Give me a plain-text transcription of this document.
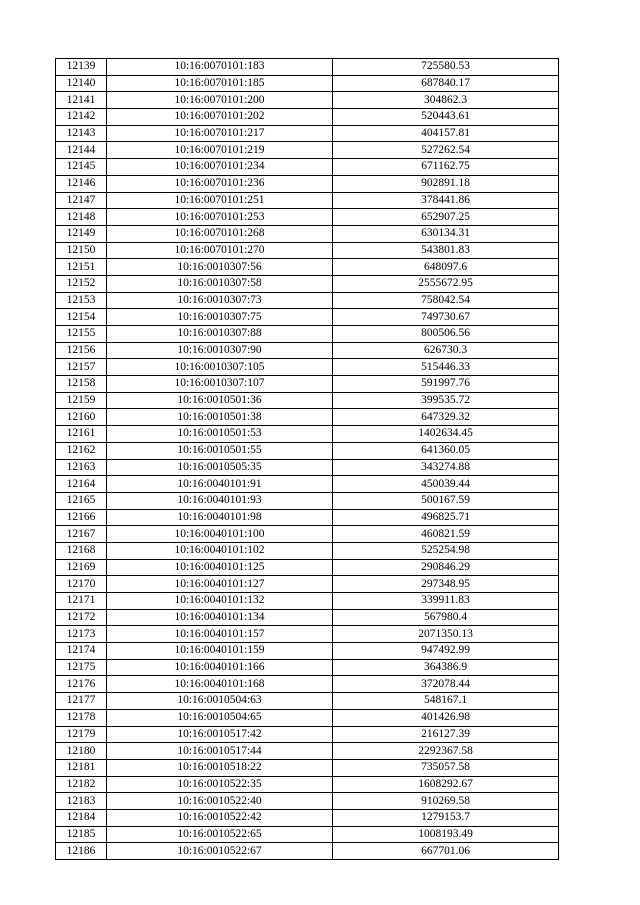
12139	10:16:0070101:183	725580.53
12140	10:16:0070101:185	687840.17
12141	10:16:0070101:200	304862.3
12142	10:16:0070101:202	520443.61
12143	10:16:0070101:217	404157.81
12144	10:16:0070101:219	527262.54
12145	10:16:0070101:234	671162.75
12146	10:16:0070101:236	902891.18
12147	10:16:0070101:251	378441.86
12148	10:16:0070101:253	652907.25
12149	10:16:0070101:268	630134.31
12150	10:16:0070101:270	543801.83
12151	10:16:0010307:56	648097.6
12152	10:16:0010307:58	2555672.95
12153	10:16:0010307:73	758042.54
12154	10:16:0010307:75	749730.67
12155	10:16:0010307:88	800506.56
12156	10:16:0010307:90	626730.3
12157	10:16:0010307:105	515446.33
12158	10:16:0010307:107	591997.76
12159	10:16:0010501:36	399535.72
12160	10:16:0010501:38	647329.32
12161	10:16:0010501:53	1402634.45
12162	10:16:0010501:55	641360.05
12163	10:16:0010505:35	343274.88
12164	10:16:0040101:91	450039.44
12165	10:16:0040101:93	500167.59
12166	10:16:0040101:98	496825.71
12167	10:16:0040101:100	460821.59
12168	10:16:0040101:102	525254.98
12169	10:16:0040101:125	290846.29
12170	10:16:0040101:127	297348.95
12171	10:16:0040101:132	339911.83
12172	10:16:0040101:134	567980.4
12173	10:16:0040101:157	2071350.13
12174	10:16:0040101:159	947492.99
12175	10:16:0040101:166	364386.9
12176	10:16:0040101:168	372078.44
12177	10:16:0010504:63	548167.1
12178	10:16:0010504:65	401426.98
12179	10:16:0010517:42	216127.39
12180	10:16:0010517:44	2292367.58
12181	10:16:0010518:22	735057.58
12182	10:16:0010522:35	1608292.67
12183	10:16:0010522:40	910269.58
12184	10:16:0010522:42	1279153.7
12185	10:16:0010522:65	1008193.49
12186	10:16:0010522:67	667701.06
